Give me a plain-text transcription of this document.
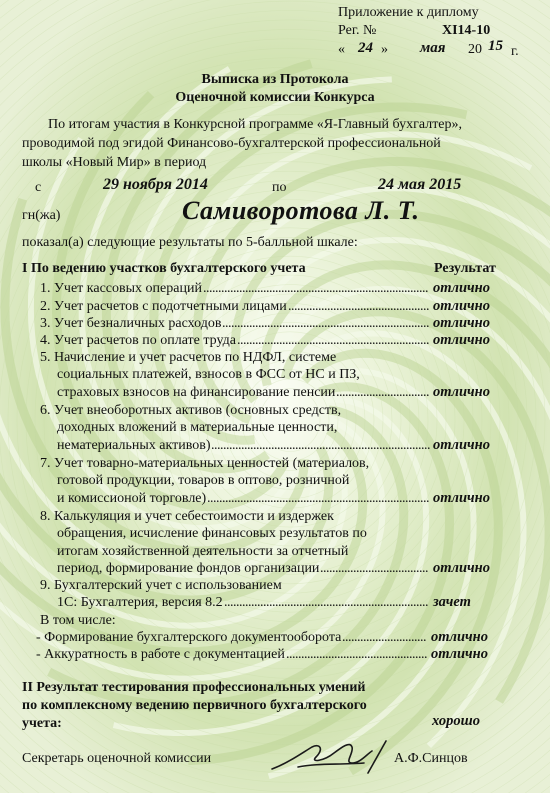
Приложение к диплому
Рег. №	ХI14-10
« 24 » мая 20 15 г.
Выписка из Протокола
Оценочной комиссии Конкурса
По итогам участия в Конкурсной программе «Я-Главный бухгалтер»,
проводимой под эгидой Финансово-бухгалтерской профессиональной
школы «Новый Мир» в период
с	29 ноября 2014	по	24 мая 2015
гн(жа)	Самиворотова Л. Т.
показал(а) следующие результаты по 5-балльной шкале:
I По ведению участков бухгалтерского учета	Результат
1. Учет кассовых операций	отлично
...........................................................................
2. Учет расчетов с подотчетными лицами	отлично
...............................................
3. Учет безналичных расходов	отлично
.....................................................................
4. Учет расчетов по оплате труда	отлично
................................................................
5. Начисление и учет расчетов по НДФЛ, системе
социальных платежей, взносов в ФСС от НС и ПЗ,
страховых взносов на финансирование пенсии	отлично
...............................
6. Учет внеоборотных активов (основных средств,
доходных вложений в материальные ценности,
нематериальных активов)	отлично
.........................................................................
7. Учет товарно-материальных ценностей (материалов,
готовой продукции, товаров в оптово, розничной
и комиссионой торговле)	отлично
..........................................................................
8. Калькуляция и учет себестоимости и издержек
обращения, исчисление финансовых результатов по
итогам хозяйственной деятельности за отчетный
период, формирование фондов организации	отлично
....................................
9. Бухгалтерский учет с использованием
1С: Бухгалтерия, версия 8.2	зачет
....................................................................
В том числе:
- Формирование бухгалтерского документооборота	отлично
............................
- Аккуратность в работе с документацией	отлично
...............................................
II Результат тестирования профессиональных умений
по комплексному ведению первичного бухгалтерского
учета:	хорошо
Секретарь оценочной комиссии	А.Ф.Синцов
